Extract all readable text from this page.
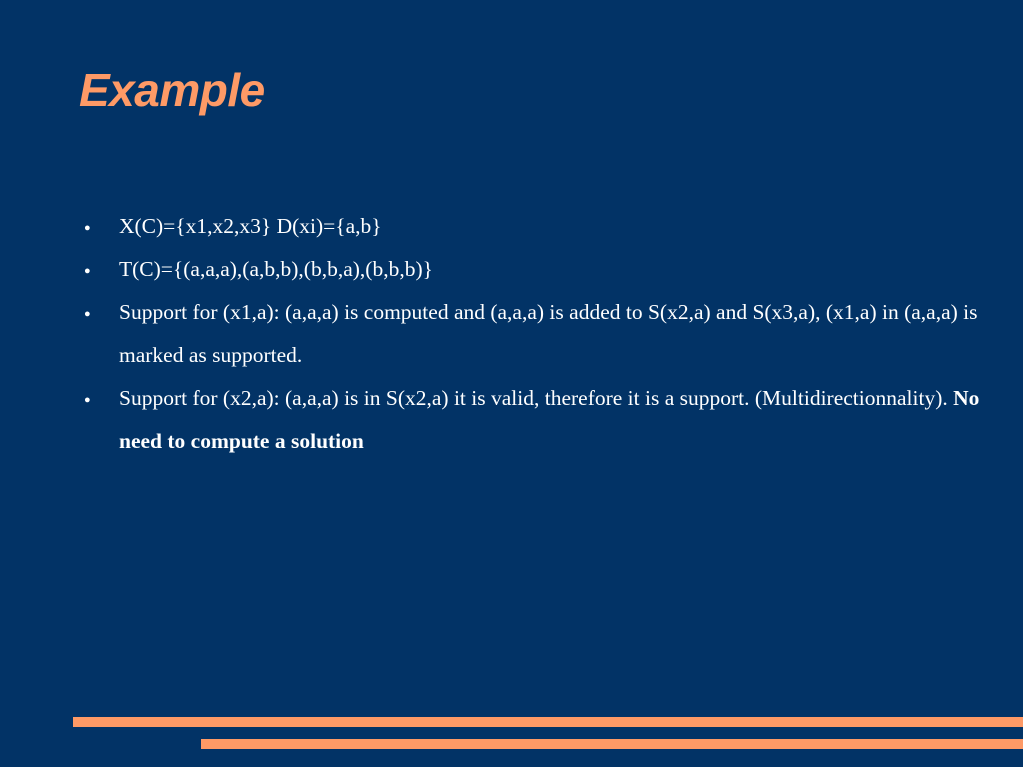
Example
● X(C)={x1,x2,x3} D(xi)={a,b}
● T(C)={(a,a,a),(a,b,b),(b,b,a),(b,b,b)}
● Support for (x1,a): (a,a,a) is computed and (a,a,a) is added to S(x2,a) and S(x3,a), (x1,a) in (a,a,a) is marked as supported.
● Support for (x2,a): (a,a,a) is in S(x2,a) it is valid, therefore it is a support. (Multidirectionnality). No need to compute a solution
